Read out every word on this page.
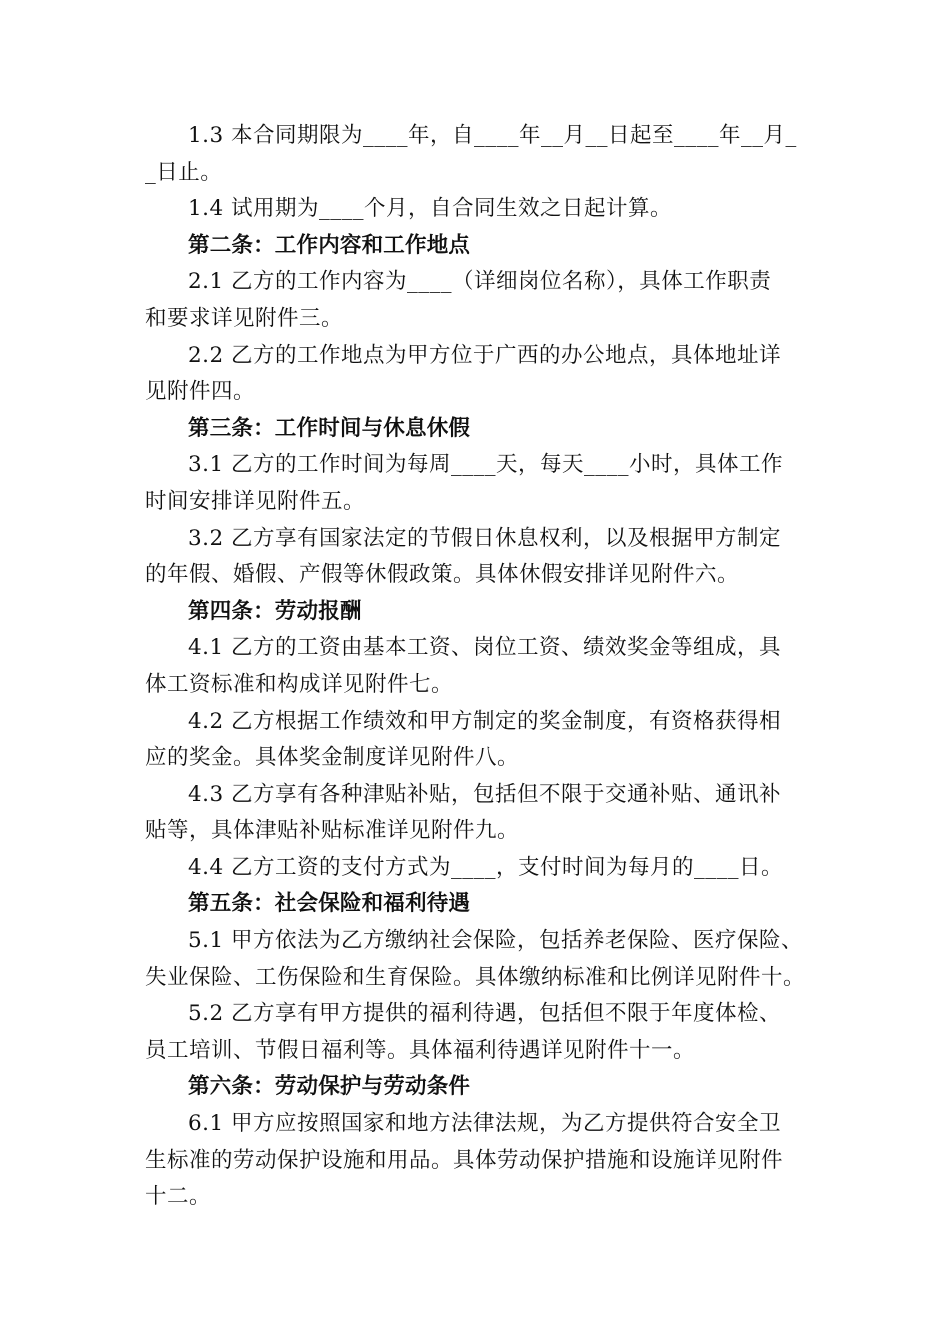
1.3 本合同期限为____年，自____年__月__日起至____年__月_
_日止。
1.4 试用期为____个月，自合同生效之日起计算。
第二条：工作内容和工作地点
2.1 乙方的工作内容为____（详细岗位名称），具体工作职责
和要求详见附件三。
2.2 乙方的工作地点为甲方位于广西的办公地点，具体地址详
见附件四。
第三条：工作时间与休息休假
3.1 乙方的工作时间为每周____天，每天____小时，具体工作
时间安排详见附件五。
3.2 乙方享有国家法定的节假日休息权利，以及根据甲方制定
的年假、婚假、产假等休假政策。具体休假安排详见附件六。
第四条：劳动报酬
4.1 乙方的工资由基本工资、岗位工资、绩效奖金等组成，具
体工资标准和构成详见附件七。
4.2 乙方根据工作绩效和甲方制定的奖金制度，有资格获得相
应的奖金。具体奖金制度详见附件八。
4.3 乙方享有各种津贴补贴，包括但不限于交通补贴、通讯补
贴等，具体津贴补贴标准详见附件九。
4.4 乙方工资的支付方式为____，支付时间为每月的____日。
第五条：社会保险和福利待遇
5.1 甲方依法为乙方缴纳社会保险，包括养老保险、医疗保险、
失业保险、工伤保险和生育保险。具体缴纳标准和比例详见附件十。
5.2 乙方享有甲方提供的福利待遇，包括但不限于年度体检、
员工培训、节假日福利等。具体福利待遇详见附件十一。
第六条：劳动保护与劳动条件
6.1 甲方应按照国家和地方法律法规，为乙方提供符合安全卫
生标准的劳动保护设施和用品。具体劳动保护措施和设施详见附件
十二。
